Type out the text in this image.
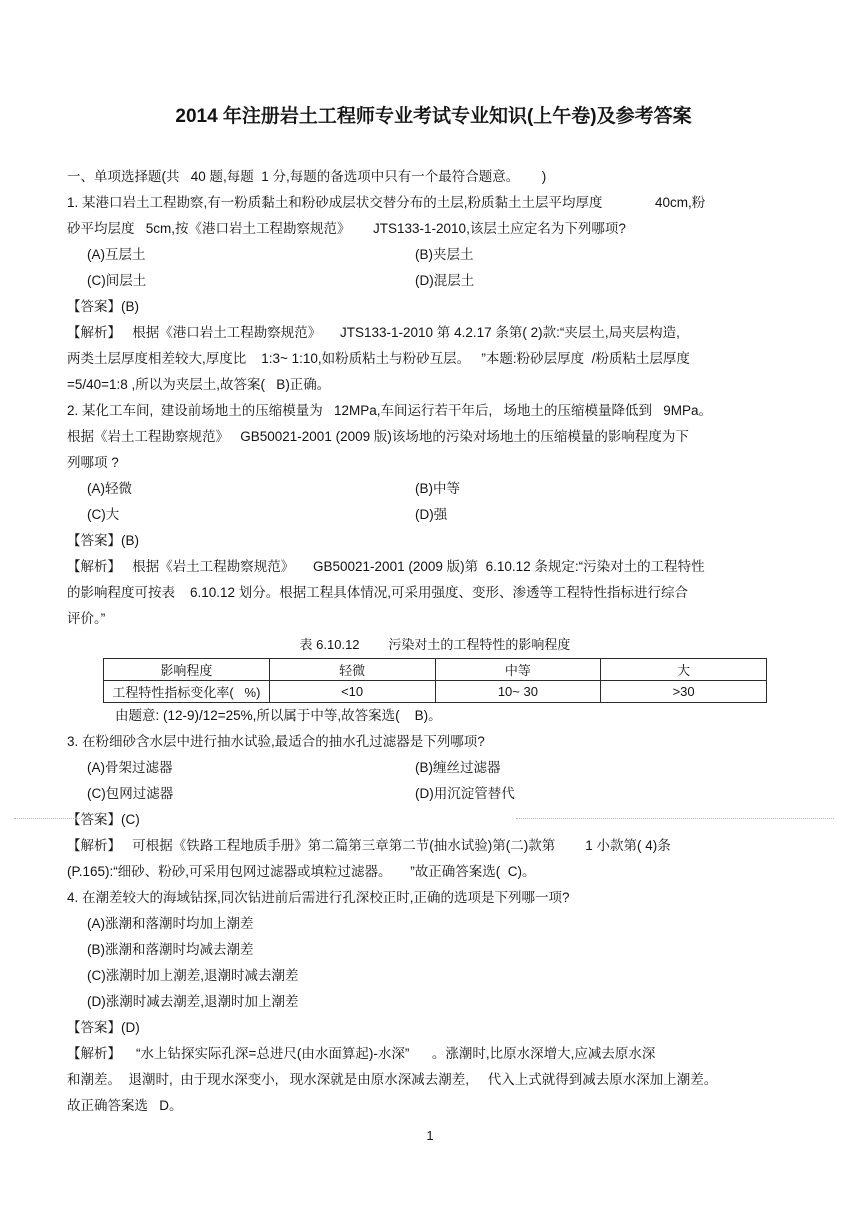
2014 年注册岩土工程师专业考试专业知识(上午卷)及参考答案
一、单项选择题(共   40 题,每题  1 分,每题的备选项中只有一个最符合题意。      )
1. 某港口岩土工程勘察,有一粉质黏土和粉砂成层状交替分布的土层,粉质黏土土层平均厚度              40cm,粉
砂平均层度   5cm,按《港口岩土工程勘察规范》      JTS133-1-2010,该层土应定名为下列哪项?
(A)互层土	(B)夹层土
(C)间层土	(D)混层土
【答案】(B)
【解析】   根据《港口岩土工程勘察规范》     JTS133-1-2010 第 4.2.17 条第( 2)款:“夹层土,局夹层构造,
两类土层厚度相差较大,厚度比    1:3~ 1:10,如粉质粘土与粉砂互层。   ”本题:粉砂层厚度  /粉质粘土层厚度
=5/40=1:8 ,所以为夹层土,故答案(   B)正确。
2. 某化工车间,  建设前场地土的压缩模量为   12MPa,车间运行若干年后,   场地土的压缩模量降低到   9MPa。
根据《岩土工程勘察规范》   GB50021-2001 (2009 版)该场地的污染对场地土的压缩模量的影响程度为下
列哪项 ?
(A)轻微	(B)中等
(C)大	(D)强
【答案】(B)
【解析】   根据《岩土工程勘察规范》     GB50021-2001 (2009 版)第  6.10.12 条规定:“污染对土的工程特性
的影响程度可按表    6.10.12 划分。根据工程具体情况,可采用强度、变形、渗透等工程特性指标进行综合
评价。”
表 6.10.12        污染对土的工程特性的影响程度
影响程度	轻微	中等	大
工程特性指标变化率(   %)	<10	10~ 30	>30
由题意: (12-9)/12=25%,所以属于中等,故答案选(    B)。
3. 在粉细砂含水层中进行抽水试验,最适合的抽水孔过滤器是下列哪项?
(A)骨架过滤器	(B)缠丝过滤器
(C)包网过滤器	(D)用沉淀管替代
【答案】(C)
【解析】   可根据《铁路工程地质手册》第二篇第三章第二节(抽水试验)第(二)款第        1 小款第( 4)条
(P.165):“细砂、粉砂,可采用包网过滤器或填粒过滤器。     ”故正确答案选(  C)。
4. 在潮差较大的海域钻探,同次钻进前后需进行孔深校正时,正确的选项是下列哪一项?
(A)涨潮和落潮时均加上潮差
(B)涨潮和落潮时均减去潮差
(C)涨潮时加上潮差,退潮时减去潮差
(D)涨潮时减去潮差,退潮时加上潮差
【答案】(D)
【解析】    “水上钻探实际孔深=总进尺(由水面算起)-水深”      。涨潮时,比原水深增大,应减去原水深
和潮差。  退潮时,  由于现水深变小,   现水深就是由原水深减去潮差,     代入上式就得到减去原水深加上潮差。
故正确答案选   D。
1
